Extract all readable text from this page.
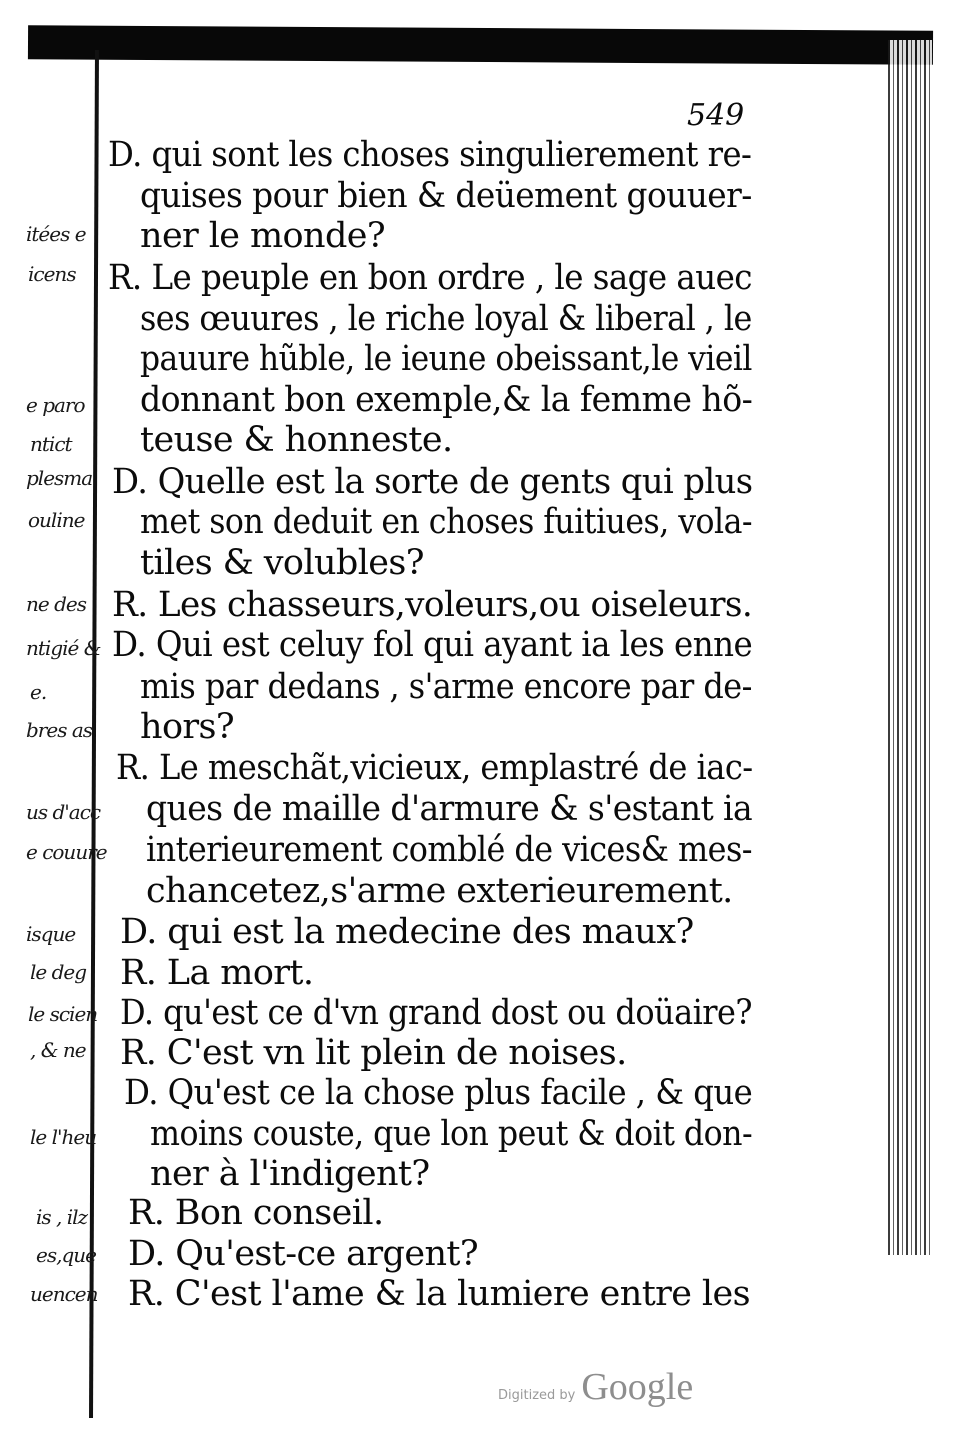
itées e
icens
e paro
ntict
plesma
ouline
ne des
ntigié &
e.
bres as
us d'acc
e couure
isque
le deg
le scien
, & ne
le l'heu
is , ilz
es,que
uencen
549
D. qui sont les choses singulierement re-
quises pour bien & deüement gouuer-
ner le monde?
R. Le peuple en bon ordre , le sage auec
ses œuures , le riche loyal & liberal , le
pauure hũble, le ieune obeissant,le vieil
donnant bon exemple,& la femme hõ-
teuse & honneste.
D. Quelle est la sorte de gents qui plus
met son deduit en choses fuitiues, vola-
tiles & volubles?
R. Les chasseurs,voleurs,ou oiseleurs.
D. Qui est celuy fol qui ayant ia les enne
mis par dedans , s'arme encore par de-
hors?
R. Le meschãt,vicieux, emplastré de iac-
ques de maille d'armure & s'estant ia
interieurement comblé de vices& mes-
chancetez,s'arme exterieurement.
D. qui est la medecine des maux?
R. La mort.
D. qu'est ce d'vn grand dost ou doüaire?
R. C'est vn lit plein de noises.
D. Qu'est ce la chose plus facile , & que
moins couste, que lon peut & doit don-
ner à l'indigent?
R. Bon conseil.
D. Qu'est-ce argent?
R. C'est l'ame & la lumiere entre les
Digitized by Google
